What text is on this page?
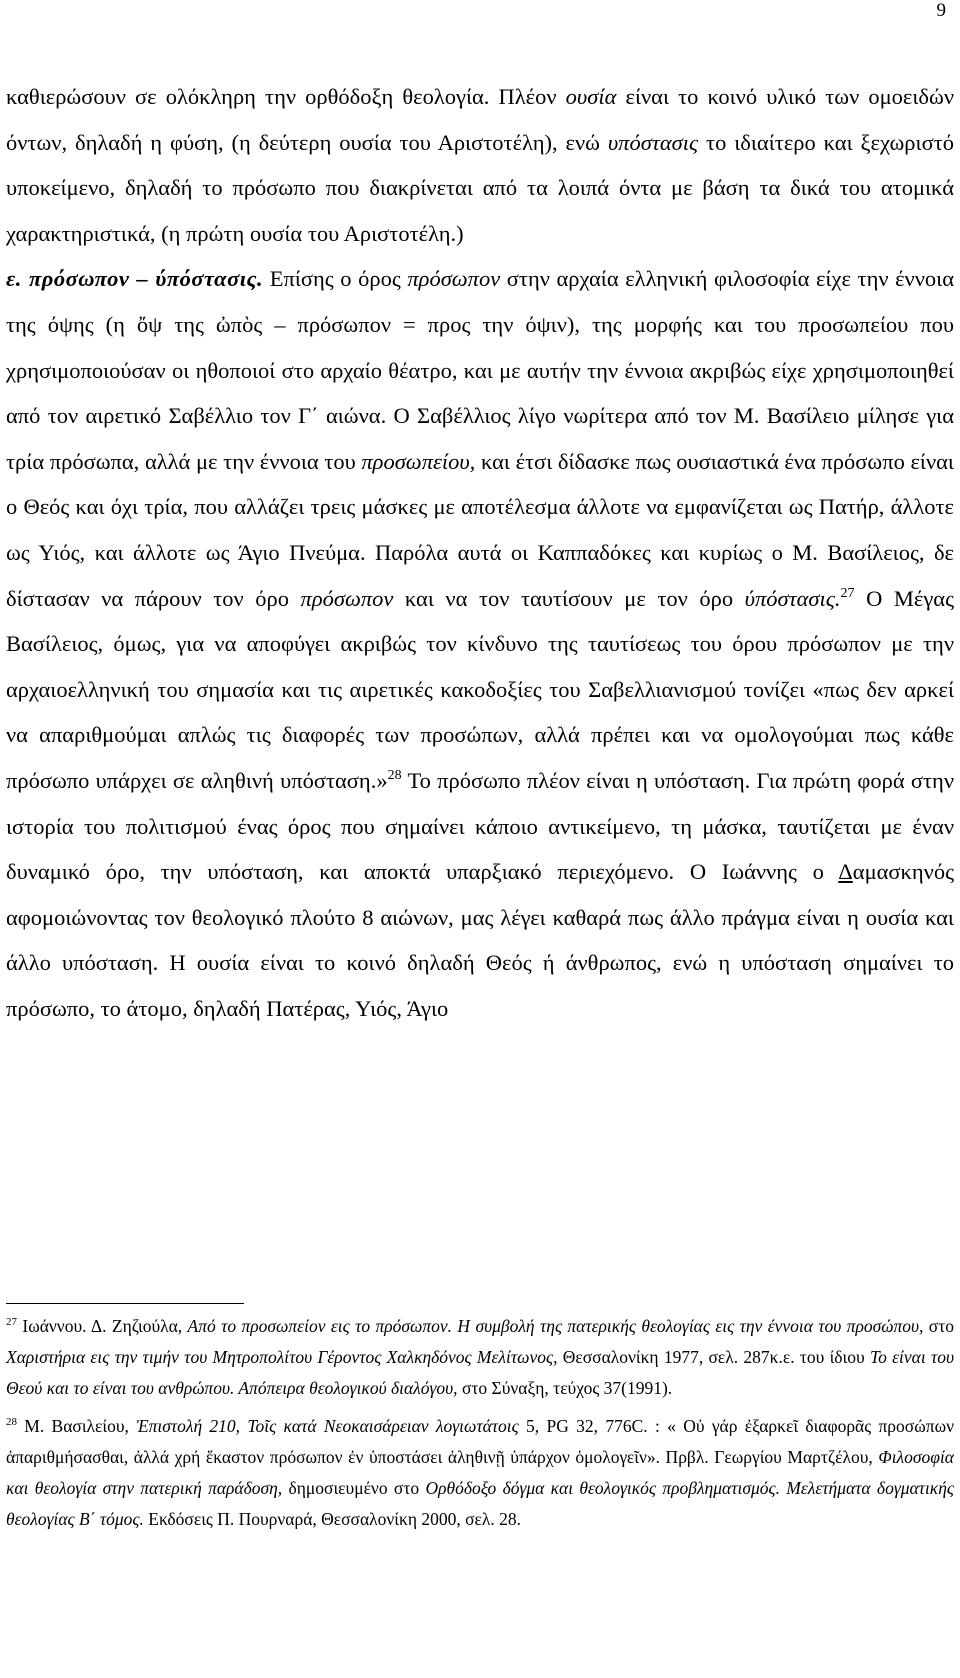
9

καθιερώσουν σε ολόκληρη την ορθόδοξη θεολογία. Πλέον ουσία είναι το κοινό υλικό των ομοειδών όντων, δηλαδή η φύση, (η δεύτερη ουσία του Αριστοτέλη), ενώ υπόστασις το ιδιαίτερο και ξεχωριστό υποκείμενο, δηλαδή το πρόσωπο που διακρίνεται από τα λοιπά όντα με βάση τα δικά του ατομικά χαρακτηριστικά, (η πρώτη ουσία του Αριστοτέλη.)

ε. πρόσωπον – ύπόστασις. Επίσης ο όρος πρόσωπον στην αρχαία ελληνική φιλοσοφία είχε την έννοια της όψης (η ὄψ της ὠπὸς – πρόσωπον = προς την όψιν), της μορφής και του προσωπείου που χρησιμοποιούσαν οι ηθοποιοί στο αρχαίο θέατρο, και με αυτήν την έννοια ακριβώς είχε χρησιμοποιηθεί από τον αιρετικό Σαβέλλιο τον Γ΄ αιώνα. Ο Σαβέλλιος λίγο νωρίτερα από τον Μ. Βασίλειο μίλησε για τρία πρόσωπα, αλλά με την έννοια του προσωπείου, και έτσι δίδασκε πως ουσιαστικά ένα πρόσωπο είναι ο Θεός και όχι τρία, που αλλάζει τρεις μάσκες με αποτέλεσμα άλλοτε να εμφανίζεται ως Πατήρ, άλλοτε ως Υιός, και άλλοτε ως Άγιο Πνεύμα. Παρόλα αυτά οι Καππαδόκες και κυρίως ο Μ. Βασίλειος, δε δίστασαν να πάρουν τον όρο πρόσωπον και να τον ταυτίσουν με τον όρο ύπόστασις.$^{27}$ Ο Μέγας Βασίλειος, όμως, για να αποφύγει ακριβώς τον κίνδυνο της ταυτίσεως του όρου πρόσωπον με την αρχαιοελληνική του σημασία και τις αιρετικές κακοδοξίες του Σαβελλιανισμού τονίζει «πως δεν αρκεί να απαριθμούμαι απλώς τις διαφορές των προσώπων, αλλά πρέπει και να ομολογούμαι πως κάθε πρόσωπο υπάρχει σε αληθινή υπόσταση.»$^{28}$ Το πρόσωπο πλέον είναι η υπόσταση. Για πρώτη φορά στην ιστορία του πολιτισμού ένας όρος που σημαίνει κάποιο αντικείμενο, τη μάσκα, ταυτίζεται με έναν δυναμικό όρο, την υπόσταση, και αποκτά υπαρξιακό περιεχόμενο. Ο Ιωάννης ο Δαμασκηνός αφομοιώνοντας τον θεολογικό πλούτο 8 αιώνων, μας λέγει καθαρά πως άλλο πράγμα είναι η ουσία και άλλο υπόσταση. Η ουσία είναι το κοινό δηλαδή Θεός ή άνθρωπος, ενώ η υπόσταση σημαίνει το πρόσωπο, το άτομο, δηλαδή Πατέρας, Υιός, Άγιο

$^{27}$ Ιωάννου. Δ. Ζηζιούλα, Από το προσωπείον εις το πρόσωπον. Η συμβολή της πατερικής θεολογίας εις την έννοια του προσώπου, στο Χαριστήρια εις την τιμήν του Μητροπολίτου Γέροντος Χαλκηδόνος Μελίτωνος, Θεσσαλονίκη 1977, σελ. 287κ.ε. του ίδιου Το είναι του Θεού και το είναι του ανθρώπου. Απόπειρα θεολογικού διαλόγου, στο Σύναξη, τεύχος 37(1991).

$^{28}$ Μ. Βασιλείου, Ἐπιστολή 210, Τοῖς κατά Νεοκαισάρειαν λογιωτάτοις 5, PG 32, 776C. : « Οὐ γάρ ἐξαρκεῖ διαφορᾶς προσώπων ἀπαριθμήσασθαι, ἀλλά χρή ἕκαστον πρόσωπον ἐν ὑποστάσει ἀληθινῇ ὑπάρχον ὁμολογεῖν». Πρβλ. Γεωργίου Μαρτζέλου, Φιλοσοφία και θεολογία στην πατερική παράδοση, δημοσιευμένο στο Ορθόδοξο δόγμα και θεολογικός προβληματισμός. Μελετήματα δογματικής θεολογίας Β΄ τόμος. Εκδόσεις Π. Πουρναρά, Θεσσαλονίκη 2000, σελ. 28.
